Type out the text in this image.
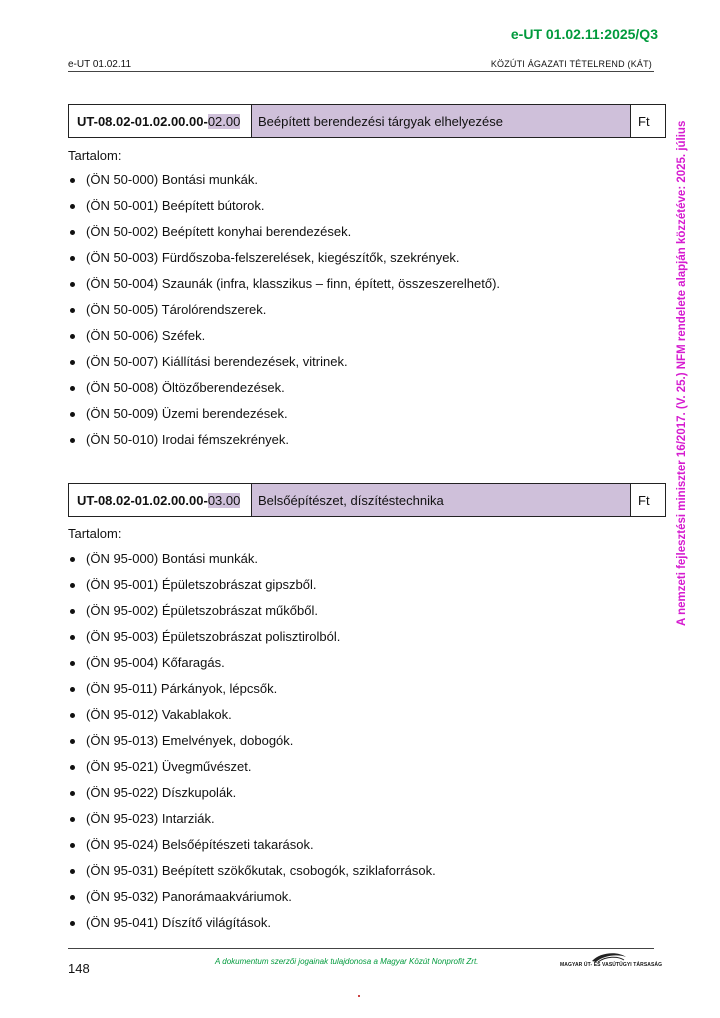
e-UT 01.02.11:2025/Q3
e-UT 01.02.11	KÖZÚTI ÁGAZATI TÉTELREND (KÁT)
A nemzeti fejlesztési miniszter 16/2017. (V. 25.) NFM rendelete alapján közzétéve: 2025. július
UT-08.02-01.02.00.00- 02.00	Beépített berendezési tárgyak elhelyezése	Ft
Tartalom:
(ÖN 50-000) Bontási munkák.
(ÖN 50-001) Beépített bútorok.
(ÖN 50-002) Beépített konyhai berendezések.
(ÖN 50-003) Fürdőszoba-felszerelések, kiegészítők, szekrények.
(ÖN 50-004) Szaunák (infra, klasszikus – finn, épített, összeszerelhető).
(ÖN 50-005) Tárolórendszerek.
(ÖN 50-006) Széfek.
(ÖN 50-007) Kiállítási berendezések, vitrinek.
(ÖN 50-008) Öltözőberendezések.
(ÖN 50-009) Üzemi berendezések.
(ÖN 50-010) Irodai fémszekrények.
UT-08.02-01.02.00.00- 03.00	Belsőépítészet, díszítéstechnika	Ft
Tartalom:
(ÖN 95-000) Bontási munkák.
(ÖN 95-001) Épületszobrászat gipszből.
(ÖN 95-002) Épületszobrászat műkőből.
(ÖN 95-003) Épületszobrászat polisztirolból.
(ÖN 95-004) Kőfaragás.
(ÖN 95-011) Párkányok, lépcsők.
(ÖN 95-012) Vakablakok.
(ÖN 95-013) Emelvények, dobogók.
(ÖN 95-021) Üvegművészet.
(ÖN 95-022) Díszkupolák.
(ÖN 95-023) Intarziák.
(ÖN 95-024) Belsőépítészeti takarások.
(ÖN 95-031) Beépített szökőkutak, csobogók, sziklaforrások.
(ÖN 95-032) Panorámaakváriumok.
(ÖN 95-041) Díszítő világítások.
148	A dokumentum szerzői jogainak tulajdonosa a Magyar Közút Nonprofit Zrt.	MAGYAR ÚT- ÉS VASÚTÜGYI TÁRSASÁG
